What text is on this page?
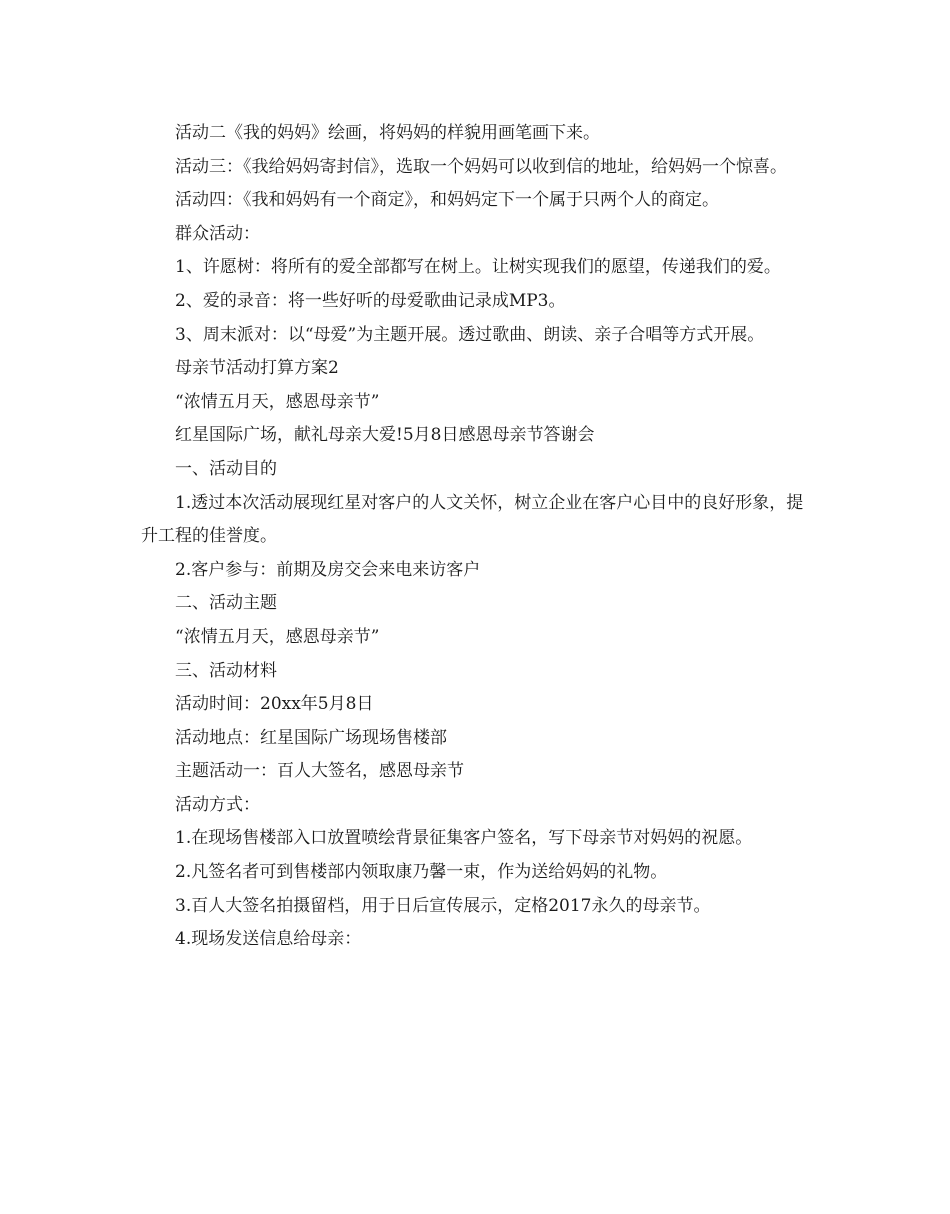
活动二《我的妈妈》绘画，将妈妈的样貌用画笔画下来。

活动三：《我给妈妈寄封信》，选取一个妈妈可以收到信的地址，给妈妈一个惊喜。

活动四：《我和妈妈有一个商定》，和妈妈定下一个属于只两个人的商定。

群众活动：

1、许愿树：将所有的爱全部都写在树上。让树实现我们的愿望，传递我们的爱。

2、爱的录音：将一些好听的母爱歌曲记录成MP3。

3、周末派对：以“母爱”为主题开展。透过歌曲、朗读、亲子合唱等方式开展。

母亲节活动打算方案2

“浓情五月天，感恩母亲节”

红星国际广场，献礼母亲大爱!5月8日感恩母亲节答谢会

一、活动目的

1.透过本次活动展现红星对客户的人文关怀，树立企业在客户心目中的良好形象，提升工程的佳誉度。

2.客户参与：前期及房交会来电来访客户

二、活动主题

“浓情五月天，感恩母亲节”

三、活动材料

活动时间：20xx年5月8日

活动地点：红星国际广场现场售楼部

主题活动一：百人大签名，感恩母亲节

活动方式：

1.在现场售楼部入口放置喷绘背景征集客户签名，写下母亲节对妈妈的祝愿。

2.凡签名者可到售楼部内领取康乃馨一束，作为送给妈妈的礼物。

3.百人大签名拍摄留档，用于日后宣传展示，定格2017永久的母亲节。

4.现场发送信息给母亲：
